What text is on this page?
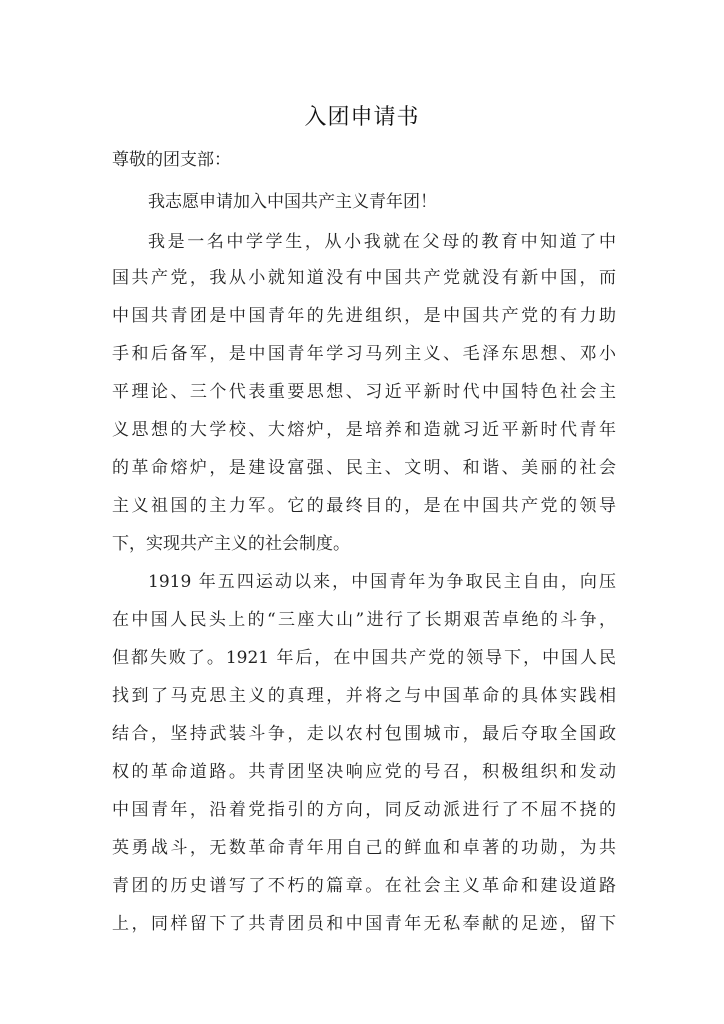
入团申请书
尊敬的团支部：
我志愿申请加入中国共产主义青年团！
我是一名中学学生，从小我就在父母的教育中知道了中
国共产党，我从小就知道没有中国共产党就没有新中国，而
中国共青团是中国青年的先进组织，是中国共产党的有力助
手和后备军，是中国青年学习马列主义、毛泽东思想、邓小
平理论、三个代表重要思想、习近平新时代中国特色社会主
义思想的大学校、大熔炉，是培养和造就习近平新时代青年
的革命熔炉，是建设富强、民主、文明、和谐、美丽的社会
主义祖国的主力军。它的最终目的，是在中国共产党的领导
下，实现共产主义的社会制度。
1919 年五四运动以来，中国青年为争取民主自由，向压
在中国人民头上的“三座大山”进行了长期艰苦卓绝的斗争，
但都失败了。1921 年后，在中国共产党的领导下，中国人民
找到了马克思主义的真理，并将之与中国革命的具体实践相
结合，坚持武装斗争，走以农村包围城市，最后夺取全国政
权的革命道路。共青团坚决响应党的号召，积极组织和发动
中国青年，沿着党指引的方向，同反动派进行了不屈不挠的
英勇战斗，无数革命青年用自己的鲜血和卓著的功勋，为共
青团的历史谱写了不朽的篇章。在社会主义革命和建设道路
上，同样留下了共青团员和中国青年无私奉献的足迹，留下
